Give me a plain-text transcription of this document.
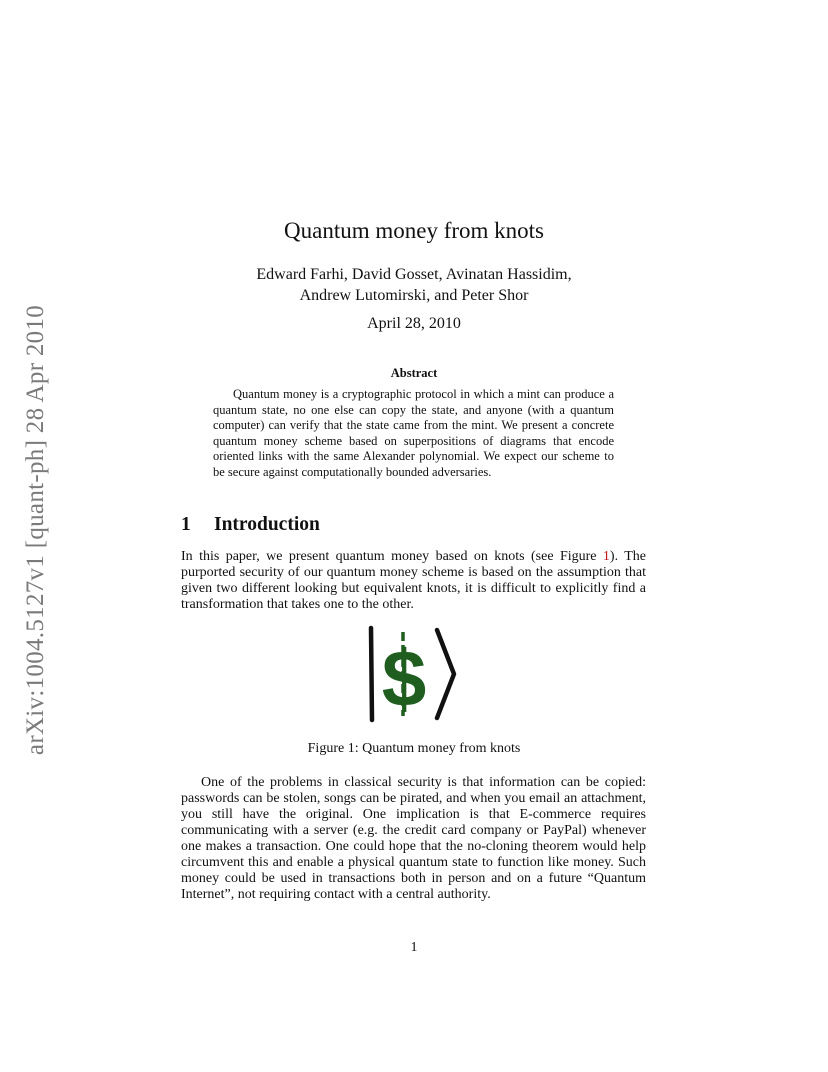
arXiv:1004.5127v1 [quant-ph] 28 Apr 2010
Quantum money from knots
Edward Farhi, David Gosset, Avinatan Hassidim,
Andrew Lutomirski, and Peter Shor
April 28, 2010
Abstract
Quantum money is a cryptographic protocol in which a mint can produce a quantum state, no one else can copy the state, and anyone (with a quantum computer) can verify that the state came from the mint. We present a concrete quantum money scheme based on superpositions of diagrams that encode oriented links with the same Alexander polynomial. We expect our scheme to be secure against computationally bounded adversaries.
1 Introduction
In this paper, we present quantum money based on knots (see Figure 1). The purported security of our quantum money scheme is based on the assumption that given two different looking but equivalent knots, it is difficult to explicitly find a transformation that takes one to the other.
$
Figure 1: Quantum money from knots
One of the problems in classical security is that information can be copied: passwords can be stolen, songs can be pirated, and when you email an attachment, you still have the original. One implication is that E-commerce requires communicating with a server (e.g. the credit card company or PayPal) whenever one makes a transaction. One could hope that the no-cloning theorem would help circumvent this and enable a physical quantum state to function like money. Such money could be used in transactions both in person and on a future “Quantum Internet”, not requiring contact with a central authority.
1
